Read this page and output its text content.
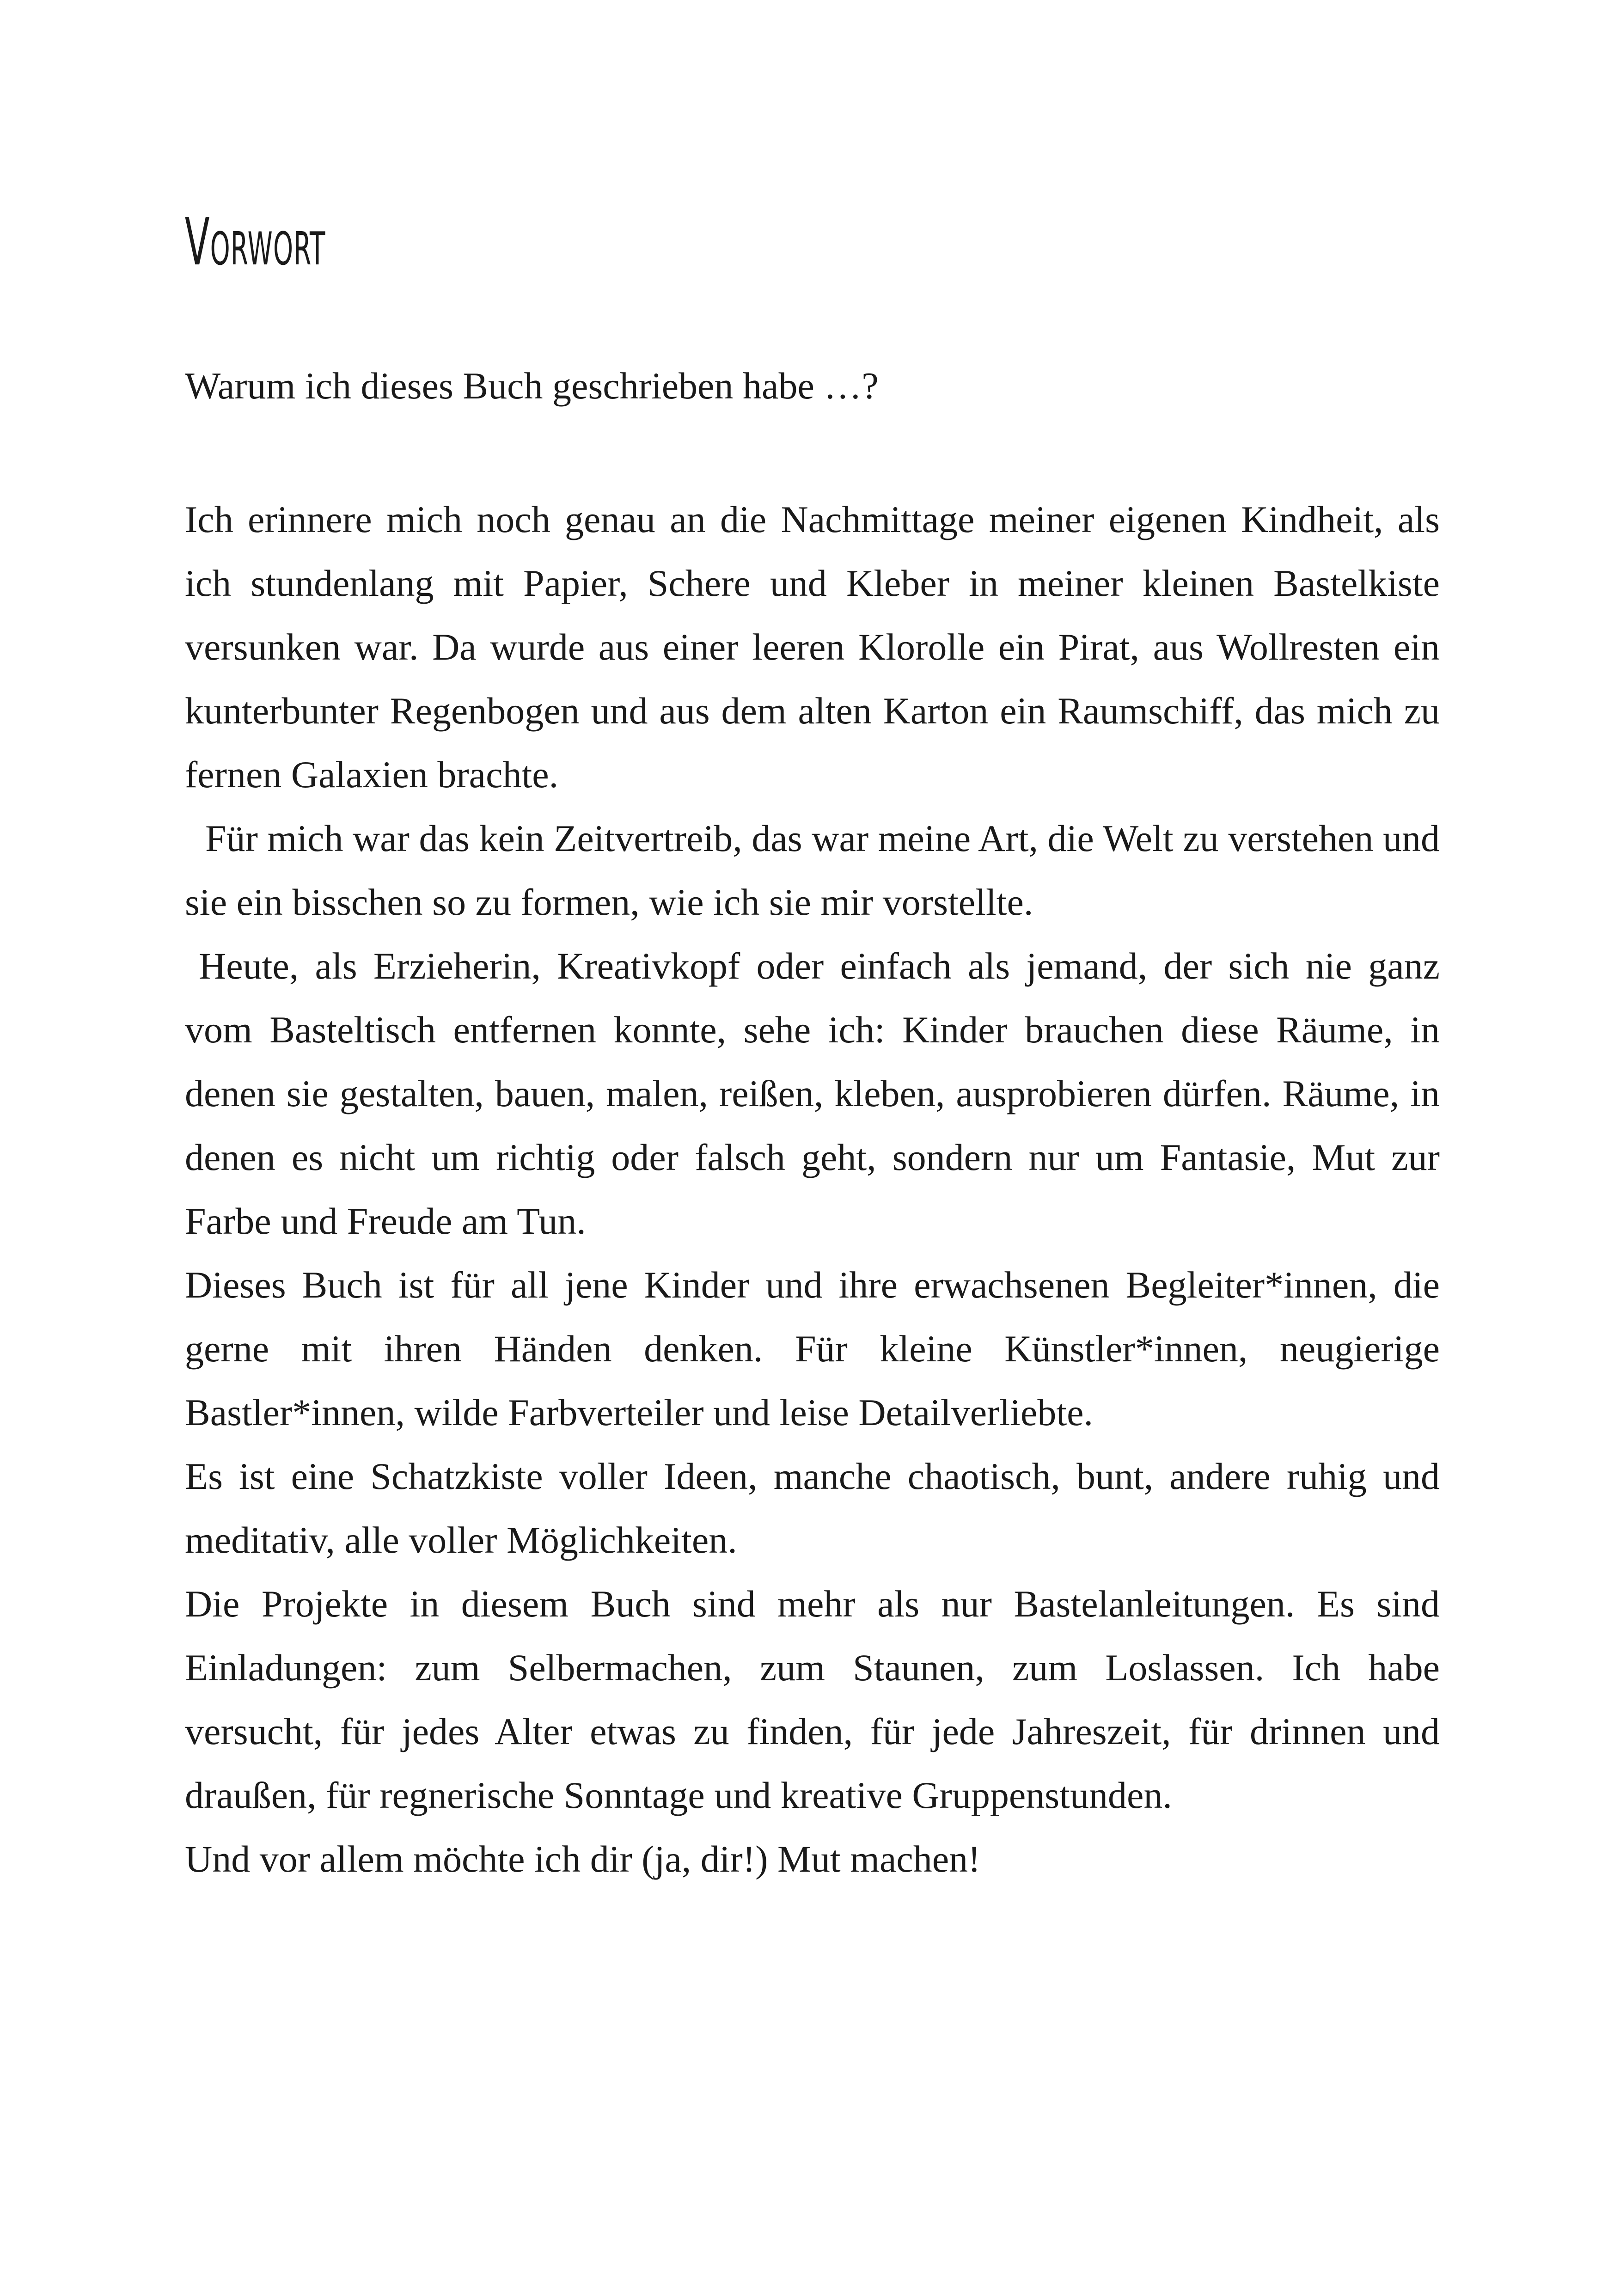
Vorwort

Warum ich dieses Buch geschrieben habe …?

Ich erinnere mich noch genau an die Nachmittage meiner eigenen Kindheit, als ich stundenlang mit Papier, Schere und Kleber in meiner kleinen Bastelkiste versunken war. Da wurde aus einer leeren Klorolle ein Pirat, aus Wollresten ein kunterbunter Regenbogen und aus dem alten Karton ein Raumschiff, das mich zu fernen Galaxien brachte.

Für mich war das kein Zeitvertreib, das war meine Art, die Welt zu verstehen und sie ein bisschen so zu formen, wie ich sie mir vorstellte.

Heute, als Erzieherin, Kreativkopf oder einfach als jemand, der sich nie ganz vom Basteltisch entfernen konnte, sehe ich: Kinder brauchen diese Räume, in denen sie gestalten, bauen, malen, reißen, kleben, ausprobieren dürfen. Räume, in denen es nicht um richtig oder falsch geht, sondern nur um Fantasie, Mut zur Farbe und Freude am Tun.

Dieses Buch ist für all jene Kinder und ihre erwachsenen Begleiter*innen, die gerne mit ihren Händen denken. Für kleine Künstler*innen, neugierige Bastler*innen, wilde Farbverteiler und leise Detailverliebte.

Es ist eine Schatzkiste voller Ideen, manche chaotisch, bunt, andere ruhig und meditativ, alle voller Möglichkeiten.

Die Projekte in diesem Buch sind mehr als nur Bastelanleitungen. Es sind Einladungen: zum Selbermachen, zum Staunen, zum Loslassen. Ich habe versucht, für jedes Alter etwas zu finden, für jede Jahreszeit, für drinnen und draußen, für regnerische Sonntage und kreative Gruppenstunden.

Und vor allem möchte ich dir (ja, dir!) Mut machen!
